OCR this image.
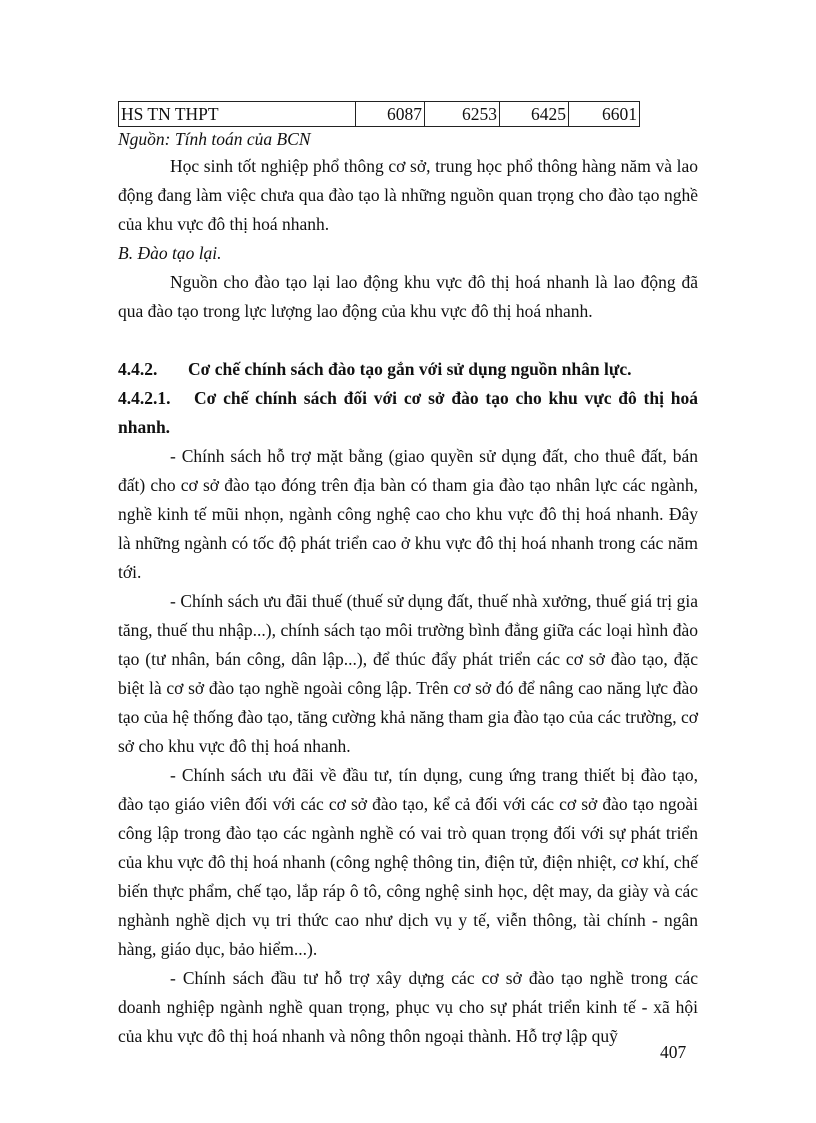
HS TN THPT	6087	6253	6425	6601
Nguồn: Tính toán của BCN

Học sinh tốt nghiệp phổ thông cơ sở, trung học phổ thông hàng năm và lao động đang làm việc chưa qua đào tạo là những nguồn quan trọng cho đào tạo nghề của khu vực đô thị hoá nhanh.

B. Đào tạo lại.

Nguồn cho đào tạo lại lao động khu vực đô thị hoá nhanh là lao động đã qua đào tạo trong lực lượng lao động của khu vực đô thị hoá nhanh.

4.4.2. Cơ chế chính sách đào tạo gắn với sử dụng nguồn nhân lực.
4.4.2.1. Cơ chế chính sách đối với cơ sở đào tạo cho khu vực đô thị hoá nhanh.

- Chính sách hỗ trợ mặt bằng (giao quyền sử dụng đất, cho thuê đất, bán đất) cho cơ sở đào tạo đóng trên địa bàn có tham gia đào tạo nhân lực các ngành, nghề kinh tế mũi nhọn, ngành công nghệ cao cho khu vực đô thị hoá nhanh. Đây là những ngành có tốc độ phát triển cao ở khu vực đô thị hoá nhanh trong các năm tới.

- Chính sách ưu đãi thuế (thuế sử dụng đất, thuế nhà xưởng, thuế giá trị gia tăng, thuế thu nhập...), chính sách tạo môi trường bình đẳng giữa các loại hình đào tạo (tư nhân, bán công, dân lập...), để thúc đẩy phát triển các cơ sở đào tạo, đặc biệt là cơ sở đào tạo nghề ngoài công lập. Trên cơ sở đó để nâng cao năng lực đào tạo của hệ thống đào tạo, tăng cường khả năng tham gia đào tạo của các trường, cơ sở cho khu vực đô thị hoá nhanh.

- Chính sách ưu đãi về đầu tư, tín dụng, cung ứng trang thiết bị đào tạo, đào tạo giáo viên đối với các cơ sở đào tạo, kể cả đối với các cơ sở đào tạo ngoài công lập trong đào tạo các ngành nghề có vai trò quan trọng đối với sự phát triển của khu vực đô thị hoá nhanh (công nghệ thông tin, điện tử, điện nhiệt, cơ khí, chế biến thực phẩm, chế tạo, lắp ráp ô tô, công nghệ sinh học, dệt may, da giày và các nghành nghề dịch vụ tri thức cao như dịch vụ y tế, viễn thông, tài chính - ngân hàng, giáo dục, bảo hiểm...).

- Chính sách đầu tư hỗ trợ xây dựng các cơ sở đào tạo nghề trong các doanh nghiệp ngành nghề quan trọng, phục vụ cho sự phát triển kinh tế - xã hội của khu vực đô thị hoá nhanh và nông thôn ngoại thành. Hỗ trợ lập quỹ

407
